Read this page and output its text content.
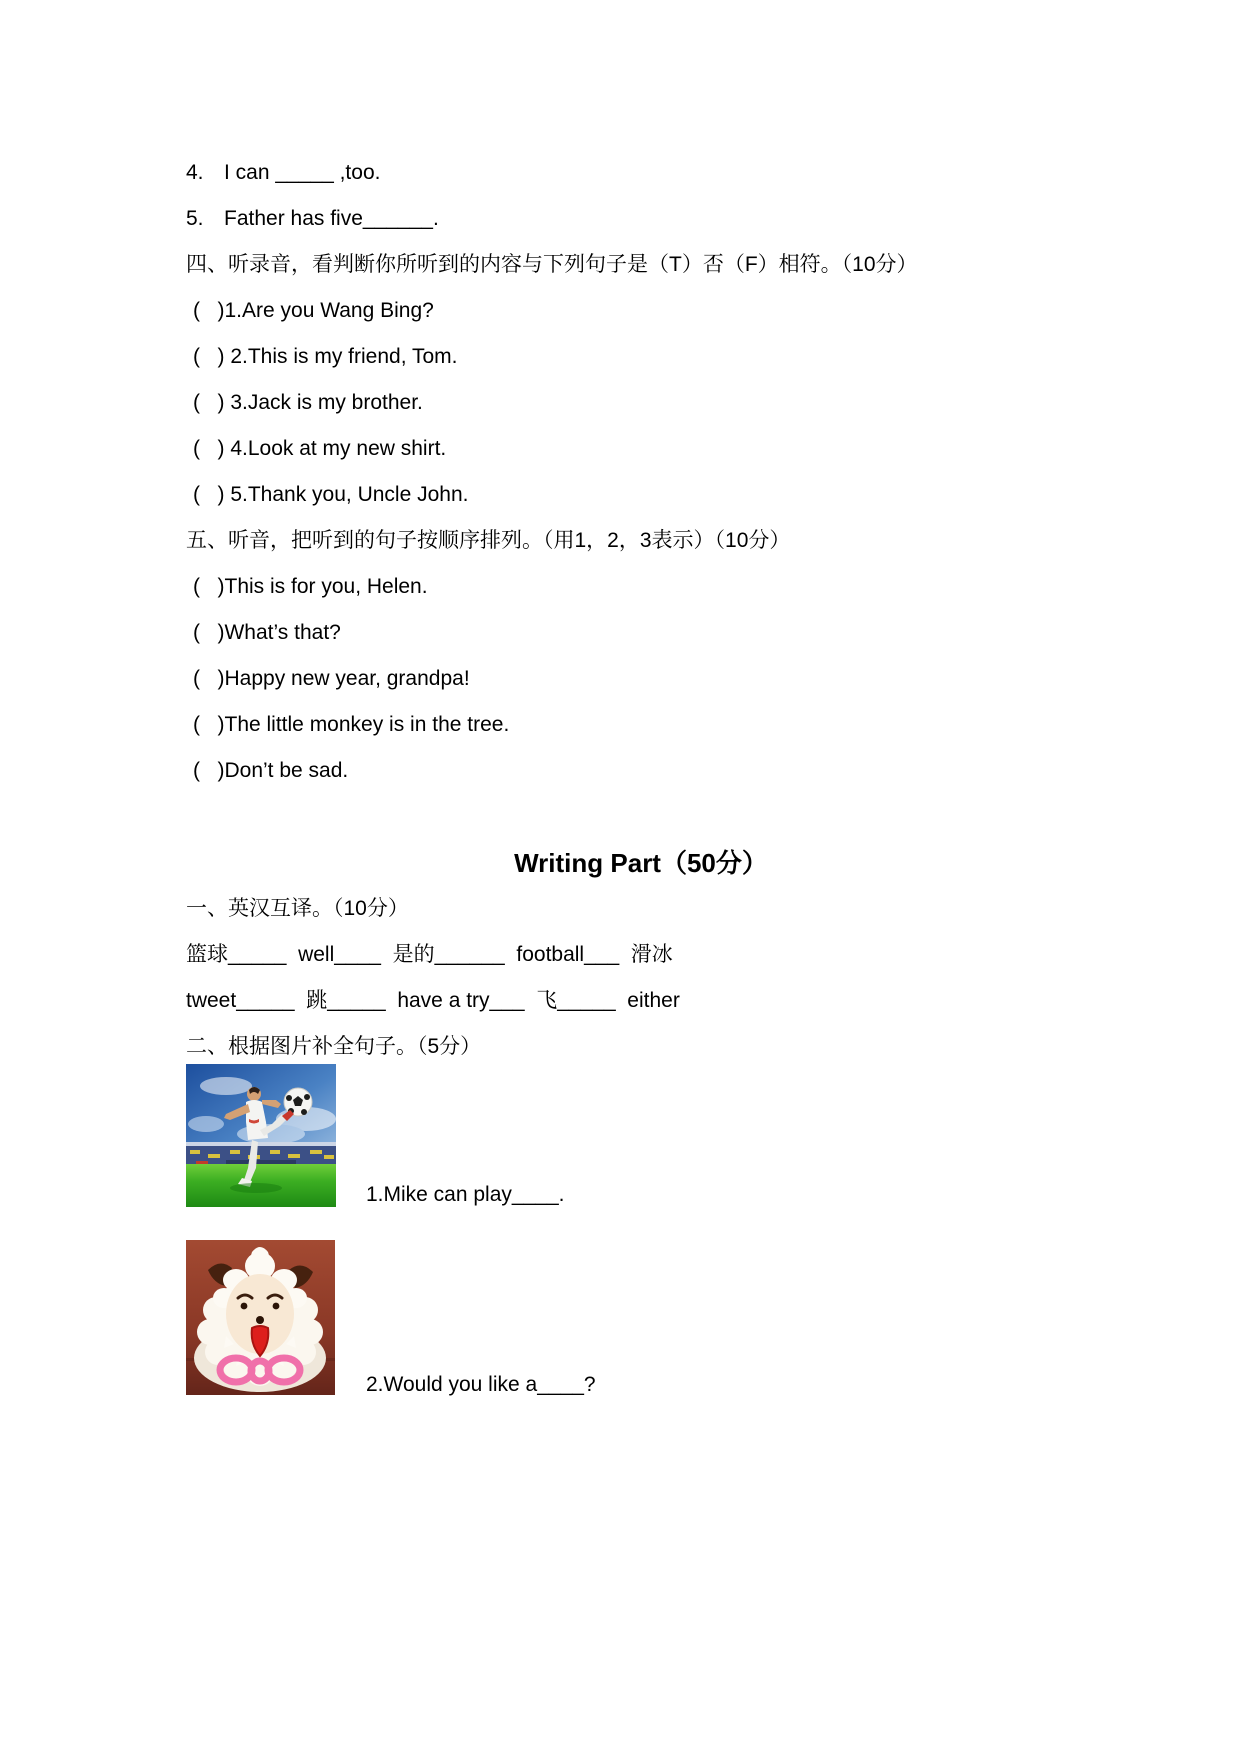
4. I can _____ ,too.

5. Father has five______.

四、听录音，看判断你所听到的内容与下列句子是（T）否（F）相符。（10分）

(   )1.Are you Wang Bing?

(   ) 2.This is my friend, Tom.

(   ) 3.Jack is my brother.

(   ) 4.Look at my new shirt.

(   ) 5.Thank you, Uncle John.

五、听音，把听到的句子按顺序排列。（用1，2，3表示）（10分）

(   )This is for you, Helen.

(   )What’s that?

(   )Happy new year, grandpa!

(   )The little monkey is in the tree.

(   )Don’t be sad.

Writing Part（50分）

一、英汉互译。（10分）

篮球_____  well____  是的______  football___  滑冰

tweet_____  跳_____  have a try___  飞_____  either

二、根据图片补全句子。（5分）

1.Mike can play____.
2.Would you like a____?
